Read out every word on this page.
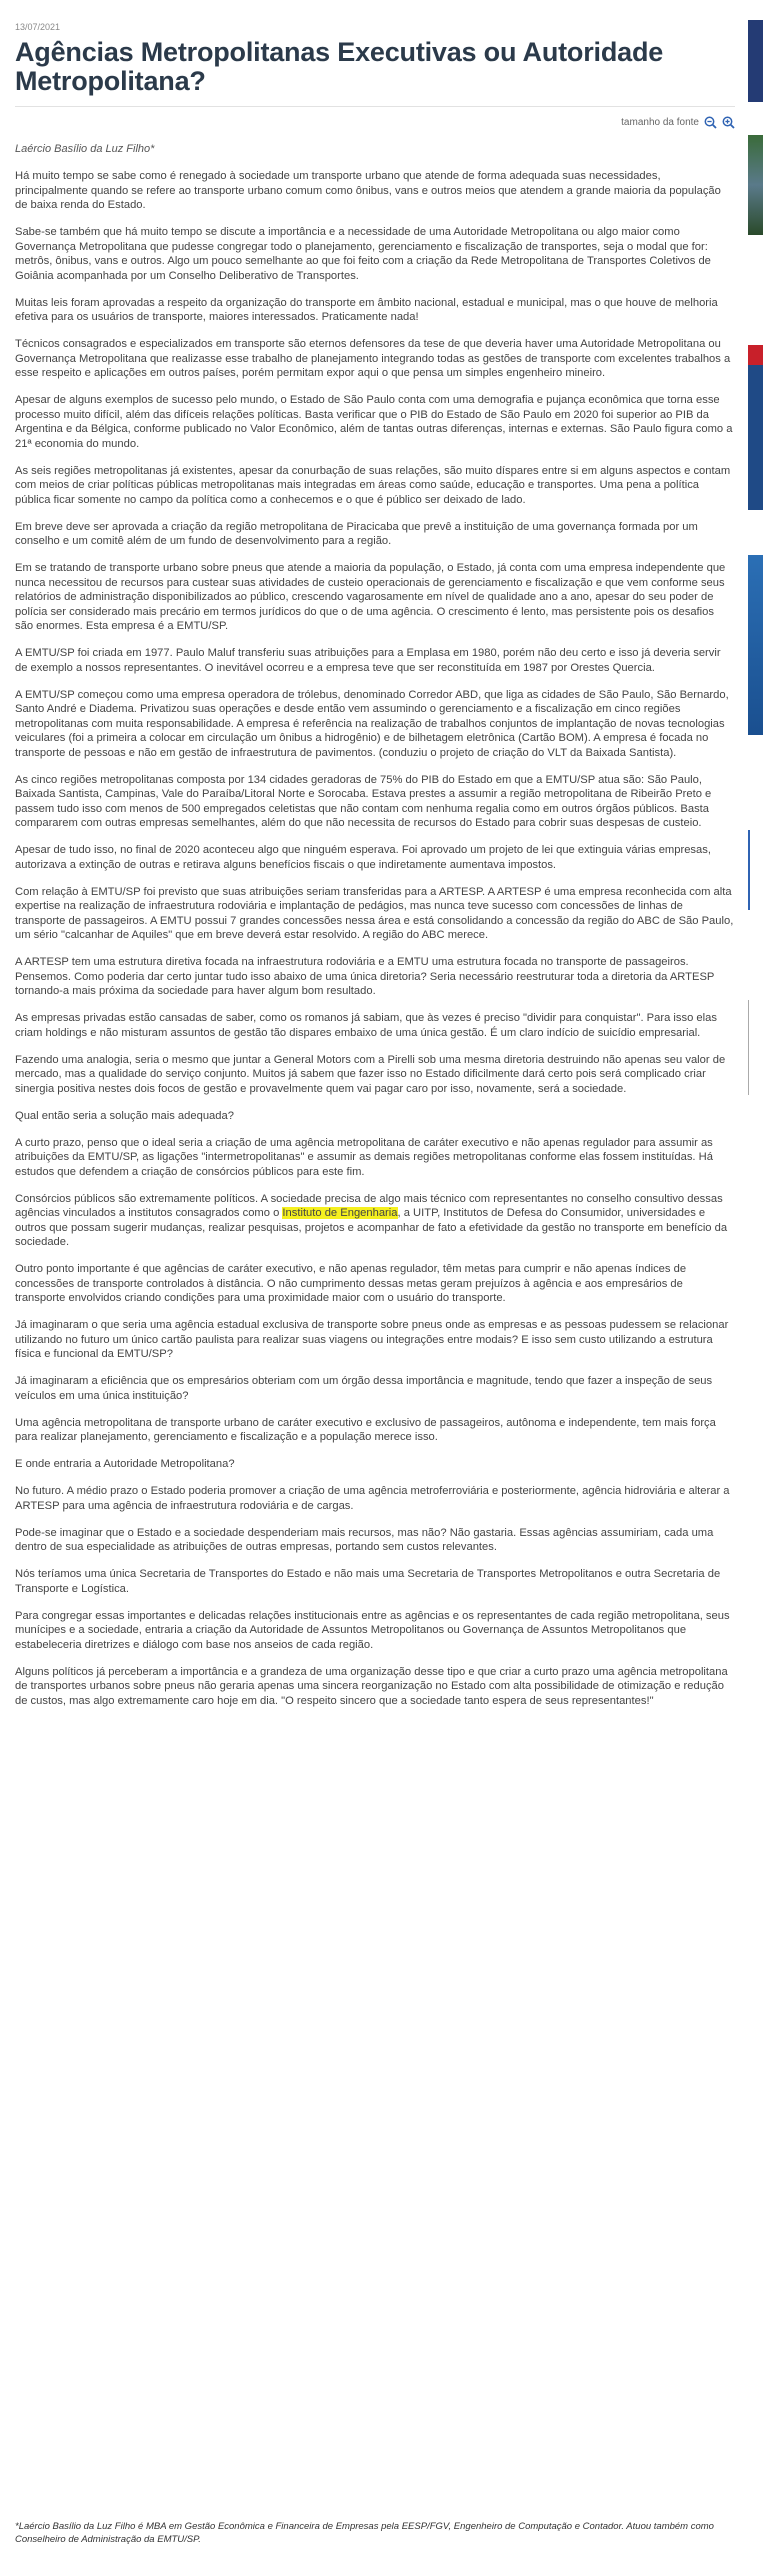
13/07/2021
Agências Metropolitanas Executivas ou Autoridade Metropolitana?
tamanho da fonte
Laércio Basílio da Luz Filho*

Há muito tempo se sabe como é renegado à sociedade um transporte urbano que atende de forma adequada suas necessidades, principalmente quando se refere ao transporte urbano comum como ônibus, vans e outros meios que atendem a grande maioria da população de baixa renda do Estado.

Sabe-se também que há muito tempo se discute a importância e a necessidade de uma Autoridade Metropolitana ou algo maior como Governança Metropolitana que pudesse congregar todo o planejamento, gerenciamento e fiscalização de transportes, seja o modal que for: metrôs, ônibus, vans e outros. Algo um pouco semelhante ao que foi feito com a criação da Rede Metropolitana de Transportes Coletivos de Goiânia acompanhada por um Conselho Deliberativo de Transportes.

Muitas leis foram aprovadas a respeito da organização do transporte em âmbito nacional, estadual e municipal, mas o que houve de melhoria efetiva para os usuários de transporte, maiores interessados. Praticamente nada!

Técnicos consagrados e especializados em transporte são eternos defensores da tese de que deveria haver uma Autoridade Metropolitana ou Governança Metropolitana que realizasse esse trabalho de planejamento integrando todas as gestões de transporte com excelentes trabalhos a esse respeito e aplicações em outros países, porém permitam expor aqui o que pensa um simples engenheiro mineiro.

Apesar de alguns exemplos de sucesso pelo mundo, o Estado de São Paulo conta com uma demografia e pujança econômica que torna esse processo muito difícil, além das difíceis relações políticas. Basta verificar que o PIB do Estado de São Paulo em 2020 foi superior ao PIB da Argentina e da Bélgica, conforme publicado no Valor Econômico, além de tantas outras diferenças, internas e externas. São Paulo figura como a 21ª economia do mundo.

As seis regiões metropolitanas já existentes, apesar da conurbação de suas relações, são muito díspares entre si em alguns aspectos e contam com meios de criar políticas públicas metropolitanas mais integradas em áreas como saúde, educação e transportes. Uma pena a política pública ficar somente no campo da política como a conhecemos e o que é público ser deixado de lado.

Em breve deve ser aprovada a criação da região metropolitana de Piracicaba que prevê a instituição de uma governança formada por um conselho e um comitê além de um fundo de desenvolvimento para a região.

Em se tratando de transporte urbano sobre pneus que atende a maioria da população, o Estado, já conta com uma empresa independente que nunca necessitou de recursos para custear suas atividades de custeio operacionais de gerenciamento e fiscalização e que vem conforme seus relatórios de administração disponibilizados ao público, crescendo vagarosamente em nível de qualidade ano a ano, apesar do seu poder de polícia ser considerado mais precário em termos jurídicos do que o de uma agência. O crescimento é lento, mas persistente pois os desafios são enormes. Esta empresa é a EMTU/SP.

A EMTU/SP foi criada em 1977. Paulo Maluf transferiu suas atribuições para a Emplasa em 1980, porém não deu certo e isso já deveria servir de exemplo a nossos representantes. O inevitável ocorreu e a empresa teve que ser reconstituída em 1987 por Orestes Quercia.

A EMTU/SP começou como uma empresa operadora de trólebus, denominado Corredor ABD, que liga as cidades de São Paulo, São Bernardo, Santo André e Diadema. Privatizou suas operações e desde então vem assumindo o gerenciamento e a fiscalização em cinco regiões metropolitanas com muita responsabilidade. A empresa é referência na realização de trabalhos conjuntos de implantação de novas tecnologias veiculares (foi a primeira a colocar em circulação um ônibus a hidrogênio) e de bilhetagem eletrônica (Cartão BOM). A empresa é focada no transporte de pessoas e não em gestão de infraestrutura de pavimentos. (conduziu o projeto de criação do VLT da Baixada Santista).

As cinco regiões metropolitanas composta por 134 cidades geradoras de 75% do PIB do Estado em que a EMTU/SP atua são: São Paulo, Baixada Santista, Campinas, Vale do Paraíba/Litoral Norte e Sorocaba. Estava prestes a assumir a região metropolitana de Ribeirão Preto e passem tudo isso com menos de 500 empregados celetistas que não contam com nenhuma regalia como em outros órgãos públicos. Basta compararem com outras empresas semelhantes, além do que não necessita de recursos do Estado para cobrir suas despesas de custeio.

Apesar de tudo isso, no final de 2020 aconteceu algo que ninguém esperava. Foi aprovado um projeto de lei que extinguia várias empresas, autorizava a extinção de outras e retirava alguns benefícios fiscais o que indiretamente aumentava impostos.

Com relação à EMTU/SP foi previsto que suas atribuições seriam transferidas para a ARTESP. A ARTESP é uma empresa reconhecida com alta expertise na realização de infraestrutura rodoviária e implantação de pedágios, mas nunca teve sucesso com concessões de linhas de transporte de passageiros. A EMTU possui 7 grandes concessões nessa área e está consolidando a concessão da região do ABC de São Paulo, um sério "calcanhar de Aquiles" que em breve deverá estar resolvido. A região do ABC merece.

A ARTESP tem uma estrutura diretiva focada na infraestrutura rodoviária e a EMTU uma estrutura focada no transporte de passageiros. Pensemos. Como poderia dar certo juntar tudo isso abaixo de uma única diretoria? Seria necessário reestruturar toda a diretoria da ARTESP tornando-a mais próxima da sociedade para haver algum bom resultado.

As empresas privadas estão cansadas de saber, como os romanos já sabiam, que às vezes é preciso "dividir para conquistar". Para isso elas criam holdings e não misturam assuntos de gestão tão dispares embaixo de uma única gestão. É um claro indício de suicídio empresarial.

Fazendo uma analogia, seria o mesmo que juntar a General Motors com a Pirelli sob uma mesma diretoria destruindo não apenas seu valor de mercado, mas a qualidade do serviço conjunto. Muitos já sabem que fazer isso no Estado dificilmente dará certo pois será complicado criar sinergia positiva nestes dois focos de gestão e provavelmente quem vai pagar caro por isso, novamente, será a sociedade.

Qual então seria a solução mais adequada?

A curto prazo, penso que o ideal seria a criação de uma agência metropolitana de caráter executivo e não apenas regulador para assumir as atribuições da EMTU/SP, as ligações "intermetropolitanas" e assumir as demais regiões metropolitanas conforme elas fossem instituídas. Há estudos que defendem a criação de consórcios públicos para este fim.

Consórcios públicos são extremamente políticos. A sociedade precisa de algo mais técnico com representantes no conselho consultivo dessas agências vinculados a institutos consagrados como o Instituto de Engenharia, a UITP, Institutos de Defesa do Consumidor, universidades e outros que possam sugerir mudanças, realizar pesquisas, projetos e acompanhar de fato a efetividade da gestão no transporte em benefício da sociedade.

Outro ponto importante é que agências de caráter executivo, e não apenas regulador, têm metas para cumprir e não apenas índices de concessões de transporte controlados à distância. O não cumprimento dessas metas geram prejuízos à agência e aos empresários de transporte envolvidos criando condições para uma proximidade maior com o usuário do transporte.

Já imaginaram o que seria uma agência estadual exclusiva de transporte sobre pneus onde as empresas e as pessoas pudessem se relacionar utilizando no futuro um único cartão paulista para realizar suas viagens ou integrações entre modais? E isso sem custo utilizando a estrutura física e funcional da EMTU/SP?

Já imaginaram a eficiência que os empresários obteriam com um órgão dessa importância e magnitude, tendo que fazer a inspeção de seus veículos em uma única instituição?

Uma agência metropolitana de transporte urbano de caráter executivo e exclusivo de passageiros, autônoma e independente, tem mais força para realizar planejamento, gerenciamento e fiscalização e a população merece isso.

E onde entraria a Autoridade Metropolitana?

No futuro. A médio prazo o Estado poderia promover a criação de uma agência metroferroviária e posteriormente, agência hidroviária e alterar a ARTESP para uma agência de infraestrutura rodoviária e de cargas.

Pode-se imaginar que o Estado e a sociedade despenderiam mais recursos, mas não? Não gastaria. Essas agências assumiriam, cada uma dentro de sua especialidade as atribuições de outras empresas, portando sem custos relevantes.

Nós teríamos uma única Secretaria de Transportes do Estado e não mais uma Secretaria de Transportes Metropolitanos e outra Secretaria de Transporte e Logística.

Para congregar essas importantes e delicadas relações institucionais entre as agências e os representantes de cada região metropolitana, seus munícipes e a sociedade, entraria a criação da Autoridade de Assuntos Metropolitanos ou Governança de Assuntos Metropolitanos que estabeleceria diretrizes e diálogo com base nos anseios de cada região.

Alguns políticos já perceberam a importância e a grandeza de uma organização desse tipo e que criar a curto prazo uma agência metropolitana de transportes urbanos sobre pneus não geraria apenas uma sincera reorganização no Estado com alta possibilidade de otimização e redução de custos, mas algo extremamente caro hoje em dia. "O respeito sincero que a sociedade tanto espera de seus representantes!"

*Laércio Basílio da Luz Filho é MBA em Gestão Econômica e Financeira de Empresas pela EESP/FGV, Engenheiro de Computação e Contador. Atuou também como Conselheiro de Administração da EMTU/SP.
